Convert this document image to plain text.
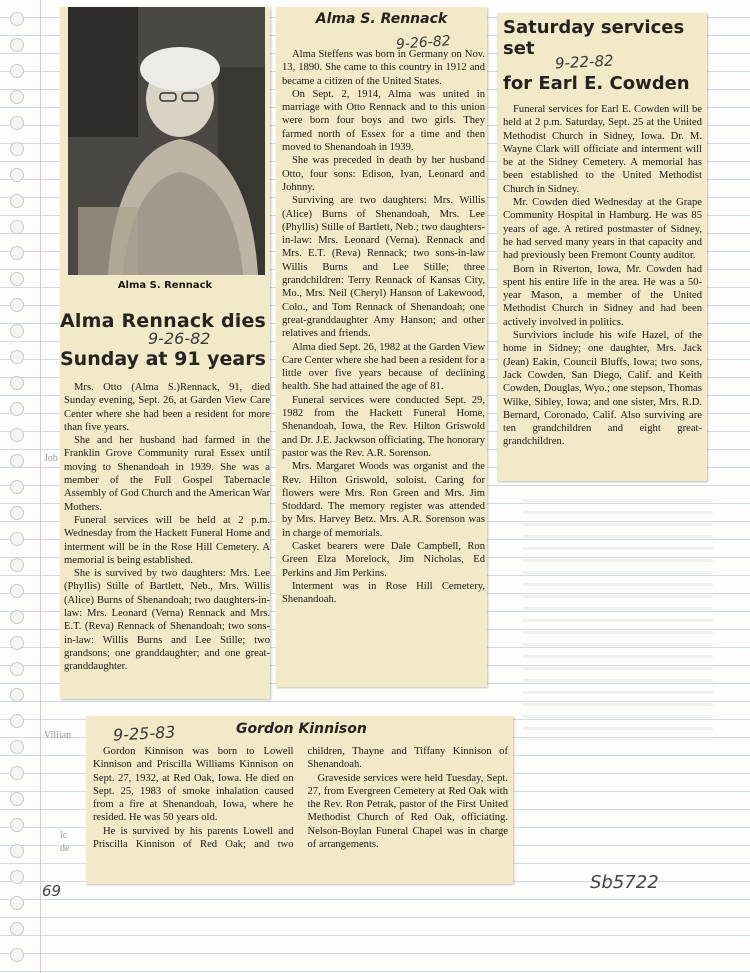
Alma S. Rennack
Alma Rennack dies
9-26-82
Sunday at 91 years

Mrs. Otto (Alma S.)Rennack, 91, died Sunday evening, Sept. 26, at Garden View Care Center where she had been a resident for more than five years.

She and her husband had farmed in the Franklin Grove Community rural Essex until moving to Shenandoah in 1939. She was a member of the Full Gospel Tabernacle Assembly of God Church and the American War Mothers.

Funeral services will be held at 2 p.m. Wednesday from the Hackett Funeral Home and interment will be in the Rose Hill Cemetery. A memorial is being established.

She is survived by two daughters: Mrs. Lee (Phyllis) Stille of Bartlett, Neb., Mrs. Willis (Alice) Burns of Shenandoah; two daughters-in-law: Mrs. Leonard (Verna) Rennack and Mrs. E.T. (Reva) Rennack of Shenandoah; two sons-in-law: Willis Burns and Lee Stille; two grandsons; one granddaughter; and one great-granddaughter.

Alma S. Rennack
9-26-82

Alma Steffens was born in Germany on Nov. 13, 1890. She came to this country in 1912 and became a citizen of the United States.

On Sept. 2, 1914, Alma was united in marriage with Otto Rennack and to this union were born four boys and two girls. They farmed north of Essex for a time and then moved to Shenandoah in 1939.

She was preceded in death by her husband Otto, four sons: Edison, Ivan, Leonard and Johnny.

Surviving are two daughters: Mrs. Willis (Alice) Burns of Shenandoah, Mrs. Lee (Phyllis) Stille of Bartlett, Neb.; two daughters-in-law: Mrs. Leonard (Verna). Rennack and Mrs. E.T. (Reva) Rennack; two sons-in-law Willis Burns and Lee Stille; three grandchildren: Terry Rennack of Kansas City, Mo., Mrs. Neil (Cheryl) Hanson of Lakewood, Colo., and Tom Rennack of Shenandoah; one great-granddaughter Amy Hanson; and other relatives and friends.

Alma died Sept. 26, 1982 at the Garden View Care Center where she had been a resident for a little over five years because of declining health. She had attained the age of 81.

Funeral services were conducted Sept. 29, 1982 from the Hackett Funeral Home, Shenandoah, Iowa, the Rev. Hilton Griswold and Dr. J.E. Jackwson officiating. The honorary pastor was the Rev. A.R. Sorenson.

Mrs. Margaret Woods was organist and the Rev. Hilton Griswold, soloist. Caring for flowers were Mrs. Ron Green and Mrs. Jim Stoddard. The memory register was attended by Mrs. Harvey Betz. Mrs. A.R. Sorenson was in charge of memorials.

Casket bearers were Dale Campbell, Ron Green Elza Morelock, Jim Nicholas, Ed Perkins and Jim Perkins.

Interment was in Rose Hill Cemetery, Shenandoah.

Saturday services set
9-22-82
for Earl E. Cowden

Funeral services for Earl E. Cowden will be held at 2 p.m. Saturday, Sept. 25 at the United Methodist Church in Sidney, Iowa. Dr. M. Wayne Clark will officiate and interment will be at the Sidney Cemetery. A memorial has been established to the United Methodist Church in Sidney.

Mr. Cowden died Wednesday at the Grape Community Hospital in Hamburg. He was 85 years of age. A retired postmaster of Sidney, he had served many years in that capacity and had previously been Fremont County auditor.

Born in Riverton, Iowa, Mr. Cowden had spent his entire life in the area. He was a 50-year Mason, a member of the United Methodist Church in Sidney and had been actively involved in politics.

Surviviors include his wife Hazel, of the home in Sidney; one daughter, Mrs. Jack (Jean) Eakin, Council Bluffs, Iowa; two sons, Jack Cowden, San Diego, Calif. and Keith Cowden, Douglas, Wyo.; one stepson, Thomas Wilke, Sibley, Iowa; and one sister, Mrs. R.D. Bernard, Coronado, Calif. Also surviving are ten grandchildren and eight great-grandchildren.

9-25-83	Gordon Kinnison

Gordon Kinnison was born to Lowell Kinnison and Priscilla Williams Kinnison on Sept. 27, 1932, at Red Oak, Iowa. He died on Sept. 25, 1983 of smoke inhalation caused from a fire at Shenandoah, Iowa, where he resided. He was 50 years old.

He is survived by his parents Lowell and Priscilla Kinnison of Red Oak; and two children, Thayne and Tiffany Kinnison of Shenandoah.

Graveside services were held Tuesday, Sept. 27, from Evergreen Cemetery at Red Oak with the Rev. Ron Petrak, pastor of the First United Methodist Church of Red Oak, officiating. Nelson-Boylan Funeral Chapel was in charge of arrangements.

69	Sb5722
Job
Villian
ic
de
